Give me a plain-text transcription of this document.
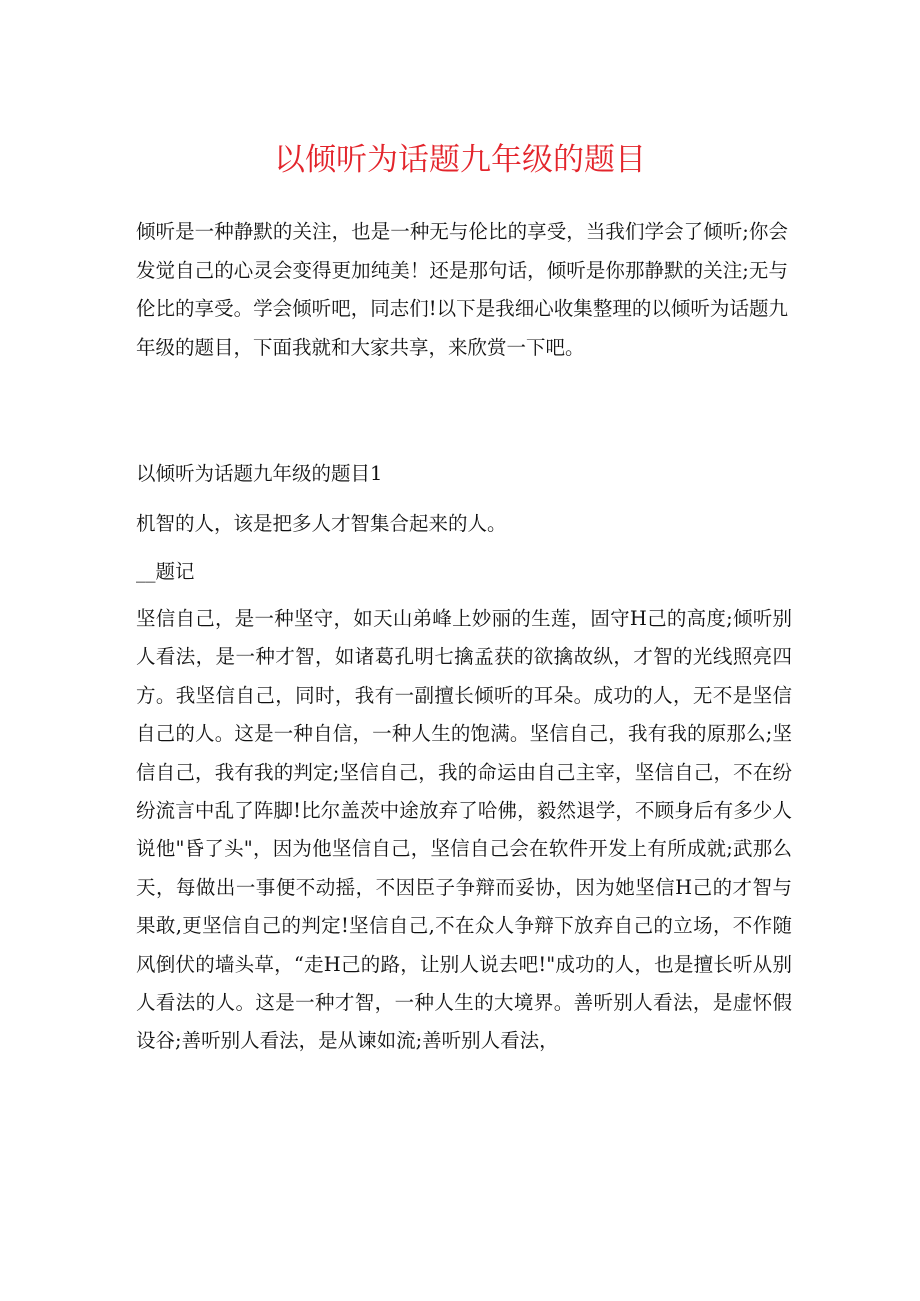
以倾听为话题九年级的题目

倾听是一种静默的关注，也是一种无与伦比的享受，当我们学会了倾听;你会发觉自己的心灵会变得更加纯美！还是那句话，倾听是你那静默的关注;无与伦比的享受。学会倾听吧，同志们!以下是我细心收集整理的以倾听为话题九年级的题目，下面我就和大家共享，来欣赏一下吧。

以倾听为话题九年级的题目1

机智的人，该是把多人才智集合起来的人。

__题记

坚信自己，是一种坚守，如天山弟峰上妙丽的生莲，固守H己的高度;倾听别人看法，是一种才智，如诸葛孔明七擒孟获的欲擒故纵，才智的光线照亮四方。我坚信自己，同时，我有一副擅长倾听的耳朵。成功的人，无不是坚信自己的人。这是一种自信，一种人生的饱满。坚信自己，我有我的原那么;坚信自己，我有我的判定;坚信自己，我的命运由自己主宰，坚信自己，不在纷纷流言中乱了阵脚!比尔盖茨中途放弃了哈佛，毅然退学，不顾身后有多少人说他"昏了头"，因为他坚信自己，坚信自己会在软件开发上有所成就;武那么天，每做出一事便不动摇，不因臣子争辩而妥协，因为她坚信H己的才智与果敢,更坚信自己的判定!坚信自己,不在众人争辩下放弃自己的立场，不作随风倒伏的墙头草，“走H己的路，让别人说去吧!"成功的人，也是擅长听从别人看法的人。这是一种才智，一种人生的大境界。善听别人看法，是虚怀假设谷;善听别人看法，是从谏如流;善听别人看法，
